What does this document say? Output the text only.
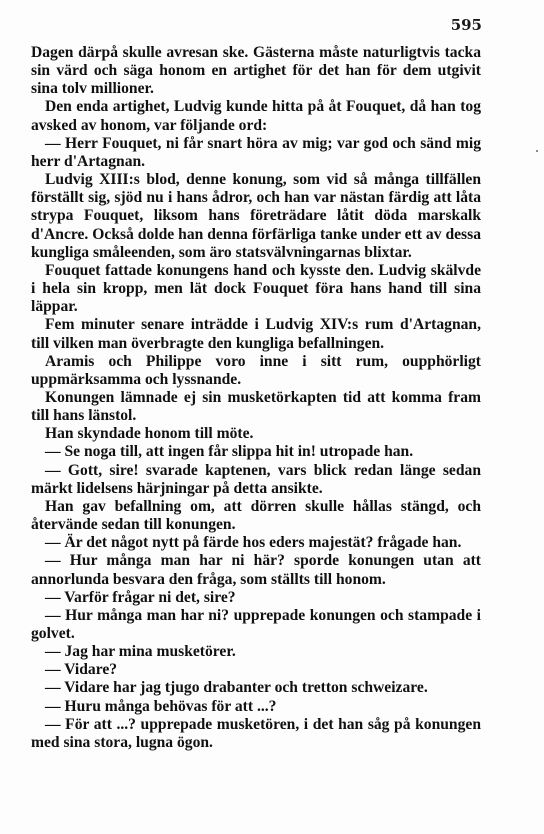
595

Dagen därpå skulle avresan ske. Gästerna måste naturligtvis tacka sin värd och säga honom en artighet för det han för dem utgivit sina tolv millioner.

Den enda artighet, Ludvig kunde hitta på åt Fouquet, då han tog avsked av honom, var följande ord:

— Herr Fouquet, ni får snart höra av mig; var god och sänd mig herr d'Artagnan.

Ludvig XIII:s blod, denne konung, som vid så många tillfällen förställt sig, sjöd nu i hans ådror, och han var nästan färdig att låta strypa Fouquet, liksom hans företrädare låtit döda marskalk d'Ancre. Också dolde han denna förfärliga tanke under ett av dessa kungliga småleenden, som äro statsvälvningarnas blixtar.

Fouquet fattade konungens hand och kysste den. Ludvig skälvde i hela sin kropp, men lät dock Fouquet föra hans hand till sina läppar.

Fem minuter senare inträdde i Ludvig XIV:s rum d'Artagnan, till vilken man överbragte den kungliga befallningen.

Aramis och Philippe voro inne i sitt rum, oupphörligt uppmärksamma och lyssnande.

Konungen lämnade ej sin musketörkapten tid att komma fram till hans länstol.

Han skyndade honom till möte.

— Se noga till, att ingen får slippa hit in! utropade han.

— Gott, sire! svarade kaptenen, vars blick redan länge sedan märkt lidelsens härjningar på detta ansikte.

Han gav befallning om, att dörren skulle hållas stängd, och återvände sedan till konungen.

— Är det något nytt på färde hos eders majestät? frågade han.

— Hur många man har ni här? sporde konungen utan att annorlunda besvara den fråga, som ställts till honom.

— Varför frågar ni det, sire?

— Hur många man har ni? upprepade konungen och stampade i golvet.

— Jag har mina musketörer.

— Vidare?

— Vidare har jag tjugo drabanter och tretton schweizare.

— Huru många behövas för att ...?

— För att ...? upprepade musketören, i det han såg på konungen med sina stora, lugna ögon.
